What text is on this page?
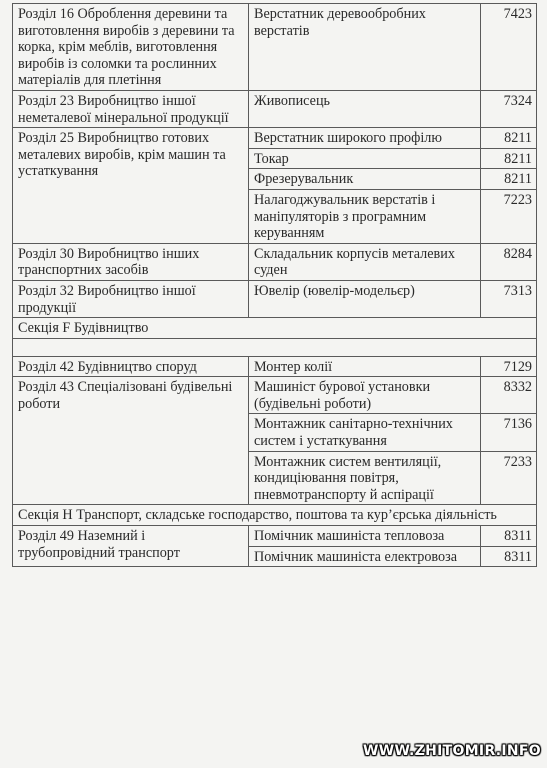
Розділ 16 Оброблення деревини та виготовлення виробів з деревини та корка, крім меблів, виготовлення виробів із соломки та рослинних матеріалів для плетіння	Верстатник деревообробних верстатів	7423
Розділ 23 Виробництво іншої неметалевої мінеральної продукції	Живописець	7324
Розділ 25 Виробництво готових металевих виробів, крім машин та устаткування	Верстатник широкого профілю	8211
	Токар	8211
	Фрезерувальник	8211
	Налагоджувальник верстатів і маніпуляторів з програмним керуванням	7223
Розділ 30 Виробництво інших транспортних засобів	Складальник корпусів металевих суден	8284
Розділ 32 Виробництво іншої продукції	Ювелір (ювелір-модельєр)	7313
Секція F Будівництво		

Розділ 42 Будівництво споруд	Монтер колії	7129
Розділ 43 Спеціалізовані будівельні роботи	Машиніст бурової установки (будівельні роботи)	8332
	Монтажник санітарно-технічних систем і устаткування	7136
	Монтажник систем вентиляції, кондиціювання повітря, пневмотранспорту й аспірації	7233
Секція H Транспорт, складське господарство, поштова та кур’єрська діяльність		
Розділ 49 Наземний і трубопровідний транспорт	Помічник машиніста тепловоза	8311
	Помічник машиніста електровоза	8311
WWW.ZHITOMIR.INFO
